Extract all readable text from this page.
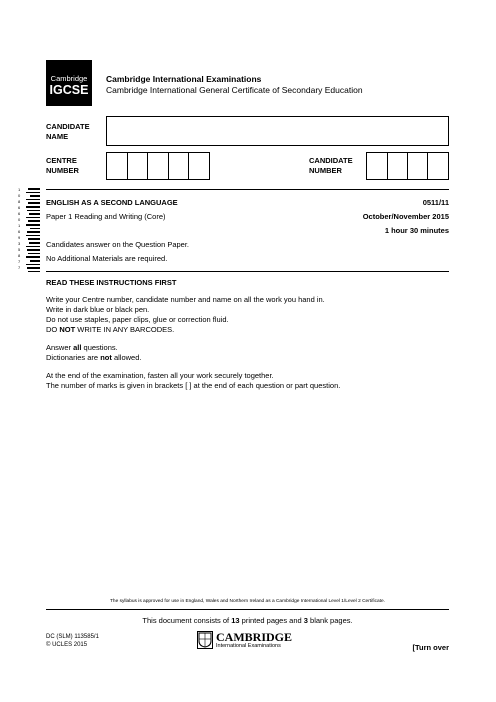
Cambridge
IGCSE
Cambridge International Examinations
Cambridge International General Certificate of Secondary Education
CANDIDATE
NAME
CENTRE
NUMBER
CANDIDATE
NUMBER
1
0
8
6
6
0
1
6
9
3
5
8
7
7
ENGLISH AS A SECOND LANGUAGE	0511/11
Paper 1 Reading and Writing (Core)	October/November 2015
1 hour 30 minutes
Candidates answer on the Question Paper.
No Additional Materials are required.
READ THESE INSTRUCTIONS FIRST
Write your Centre number, candidate number and name on all the work you hand in.
Write in dark blue or black pen.
Do not use staples, paper clips, glue or correction fluid.
DO NOT WRITE IN ANY BARCODES.
Answer all questions.
Dictionaries are not allowed.
At the end of the examination, fasten all your work securely together.
The number of marks is given in brackets [ ] at the end of each question or part question.
The syllabus is approved for use in England, Wales and Northern Ireland as a Cambridge International Level 1/Level 2 Certificate.
This document consists of 13 printed pages and 3 blank pages.
DC (SLM) 113585/1
© UCLES 2015
CAMBRIDGE
International Examinations	[Turn over
